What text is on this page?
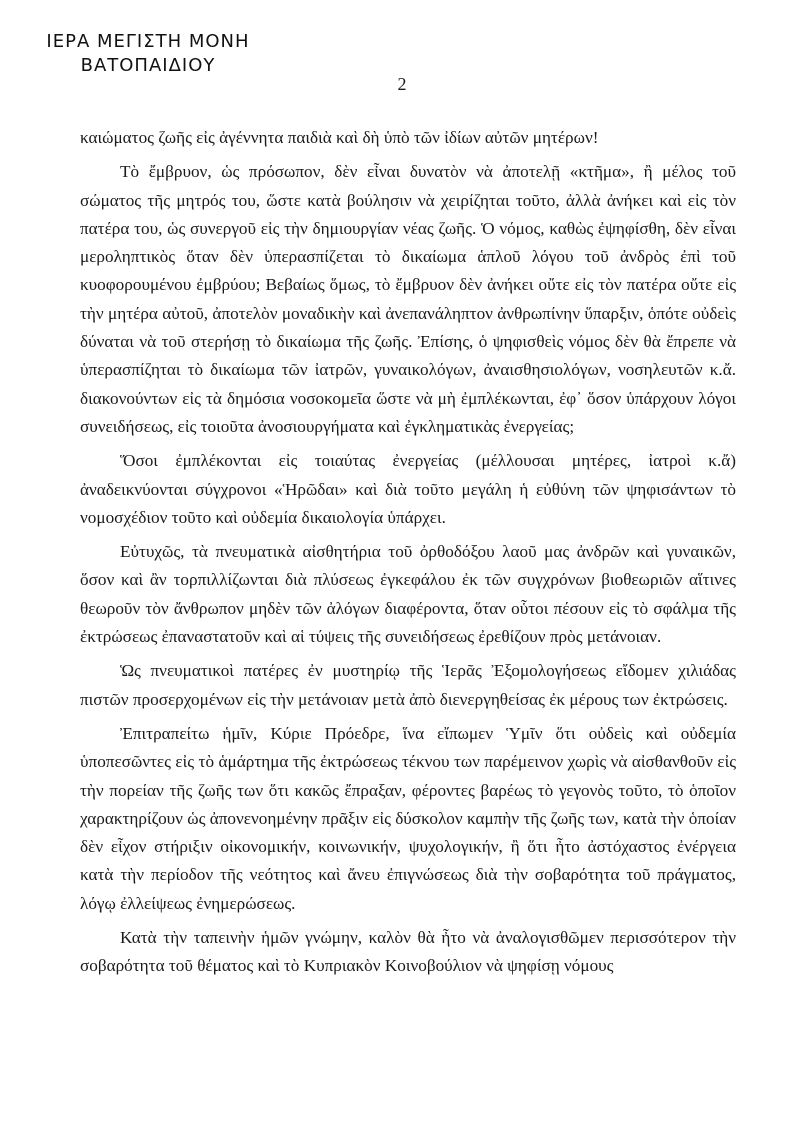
ΙΕΡΑ ΜΕΓΙΣΤΗ ΜΟΝΗ
ΒΑΤΟΠΑΙΔΙΟΥ
2

καιώματος ζωῆς εἰς ἀγέννητα παιδιὰ καὶ δὴ ὑπὸ τῶν ἰδίων αὐτῶν μητέρων!

Τὸ ἔμβρυον, ὡς πρόσωπον, δὲν εἶναι δυνατὸν νὰ ἀποτελῇ «κτῆμα», ἢ μέλος τοῦ σώματος τῆς μητρός του, ὥστε κατὰ βούλησιν νὰ χειρίζηται τοῦτο, ἀλλὰ ἀνήκει καὶ εἰς τὸν πατέρα του, ὡς συνεργοῦ εἰς τὴν δημιουργίαν νέας ζωῆς. Ὁ νόμος, καθὼς ἐψηφίσθη, δὲν εἶναι μεροληπτικὸς ὅταν δὲν ὑπερασπίζεται τὸ δικαίωμα ἁπλοῦ λόγου τοῦ ἀνδρὸς ἐπὶ τοῦ κυοφορουμένου ἐμβρύου; Βεβαίως ὅμως, τὸ ἔμβρυον δὲν ἀνήκει οὔτε εἰς τὸν πατέρα οὔτε εἰς τὴν μητέρα αὐτοῦ, ἀποτελὸν μοναδικὴν καὶ ἀνεπανάληπτον ἀνθρωπίνην ὕπαρξιν, ὁπότε οὐδεὶς δύναται νὰ τοῦ στερήσῃ τὸ δικαίωμα τῆς ζωῆς. Ἐπίσης, ὁ ψηφισθεὶς νόμος δὲν θὰ ἔπρεπε νὰ ὑπερασπίζηται τὸ δικαίωμα τῶν ἰατρῶν, γυναικολόγων, ἀναισθησιολόγων, νοσηλευτῶν κ.ἄ. διακονούντων εἰς τὰ δημόσια νοσοκομεῖα ὥστε νὰ μὴ ἐμπλέκωνται, ἐφ᾽ ὅσον ὑπάρχουν λόγοι συνειδήσεως, εἰς τοιοῦτα ἀνοσιουργήματα καὶ ἐγκληματικὰς ἐνεργείας;

Ὅσοι ἐμπλέκονται εἰς τοιαύτας ἐνεργείας (μέλλουσαι μητέρες, ἰατροὶ κ.ἄ) ἀναδεικνύονται σύγχρονοι «Ἡρῶδαι» καὶ διὰ τοῦτο μεγάλη ἡ εὐθύνη τῶν ψηφισάντων τὸ νομοσχέδιον τοῦτο καὶ οὐδεμία δικαιολογία ὑπάρχει.

Εὐτυχῶς, τὰ πνευματικὰ αἰσθητήρια τοῦ ὀρθοδόξου λαοῦ μας ἀνδρῶν καὶ γυναικῶν, ὅσον καὶ ἂν τορπιλλίζωνται διὰ πλύσεως ἐγκεφάλου ἐκ τῶν συγχρόνων βιοθεωριῶν αἵτινες θεωροῦν τὸν ἄνθρωπον μηδὲν τῶν ἀλόγων διαφέροντα, ὅταν οὗτοι πέσουν εἰς τὸ σφάλμα τῆς ἐκτρώσεως ἐπαναστατοῦν καὶ αἱ τύψεις τῆς συνειδήσεως ἐρεθίζουν πρὸς μετάνοιαν.

Ὡς πνευματικοὶ πατέρες ἐν μυστηρίῳ τῆς Ἱερᾶς Ἐξομολογήσεως εἴδομεν χιλιάδας πιστῶν προσερχομένων εἰς τὴν μετάνοιαν μετὰ ἀπὸ διενεργηθείσας ἐκ μέρους των ἐκτρώσεις.

Ἐπιτραπείτω ἡμῖν, Κύριε Πρόεδρε, ἵνα εἴπωμεν Ὑμῖν ὅτι οὐδεὶς καὶ οὐδεμία ὑποπεσῶντες εἰς τὸ ἁμάρτημα τῆς ἐκτρώσεως τέκνου των παρέμεινον χωρὶς νὰ αἰσθανθοῦν εἰς τὴν πορείαν τῆς ζωῆς των ὅτι κακῶς ἔπραξαν, φέροντες βαρέως τὸ γεγονὸς τοῦτο, τὸ ὁποῖον χαρακτηρίζουν ὡς ἀπονενοημένην πρᾶξιν εἰς δύσκολον καμπὴν τῆς ζωῆς των, κατὰ τὴν ὁποίαν δὲν εἶχον στήριξιν οἰκονομικήν, κοινωνικήν, ψυχολογικήν, ἢ ὅτι ἦτο ἀστόχαστος ἐνέργεια κατὰ τὴν περίοδον τῆς νεότητος καὶ ἄνευ ἐπιγνώσεως διὰ τὴν σοβαρότητα τοῦ πράγματος, λόγῳ ἐλλείψεως ἐνημερώσεως.

Κατὰ τὴν ταπεινὴν ἡμῶν γνώμην, καλὸν θὰ ἦτο νὰ ἀναλογισθῶμεν περισσότερον τὴν σοβαρότητα τοῦ θέματος καὶ τὸ Κυπριακὸν Κοινοβούλιον νὰ ψηφίσῃ νόμους
